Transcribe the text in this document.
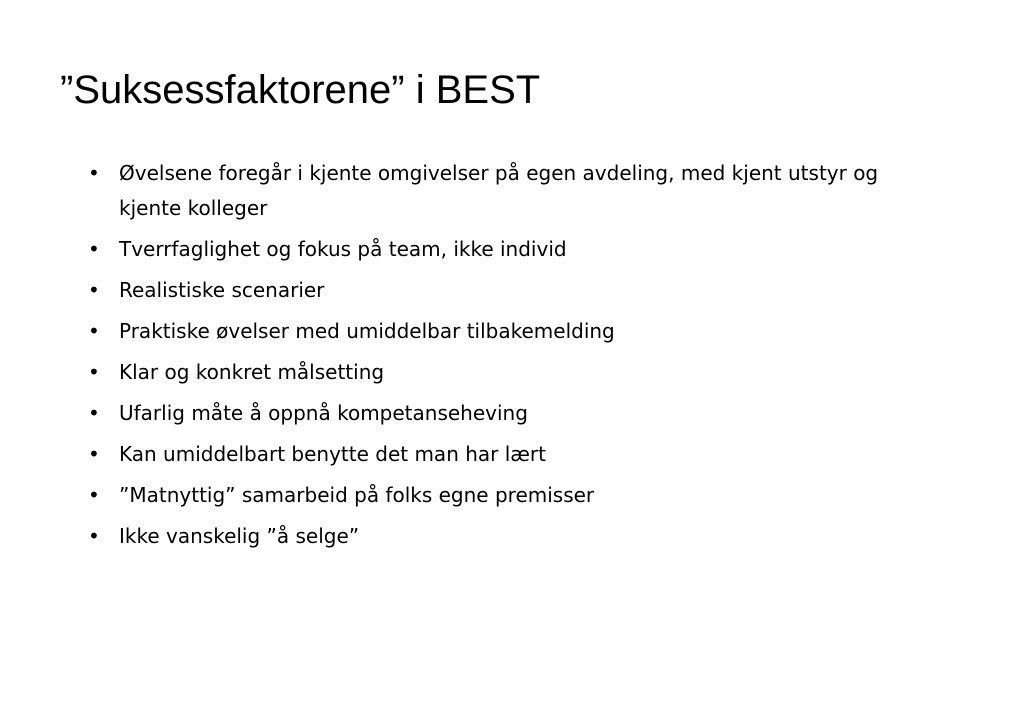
”Suksessfaktorene” i BEST
• Øvelsene foregår i kjente omgivelser på egen avdeling, med kjent utstyr og kjente kolleger
• Tverrfaglighet og fokus på team, ikke individ
• Realistiske scenarier
• Praktiske øvelser med umiddelbar tilbakemelding
• Klar og konkret målsetting
• Ufarlig måte å oppnå kompetanseheving
• Kan umiddelbart benytte det man har lært
• ”Matnyttig” samarbeid på folks egne premisser
• Ikke vanskelig ”å selge”
